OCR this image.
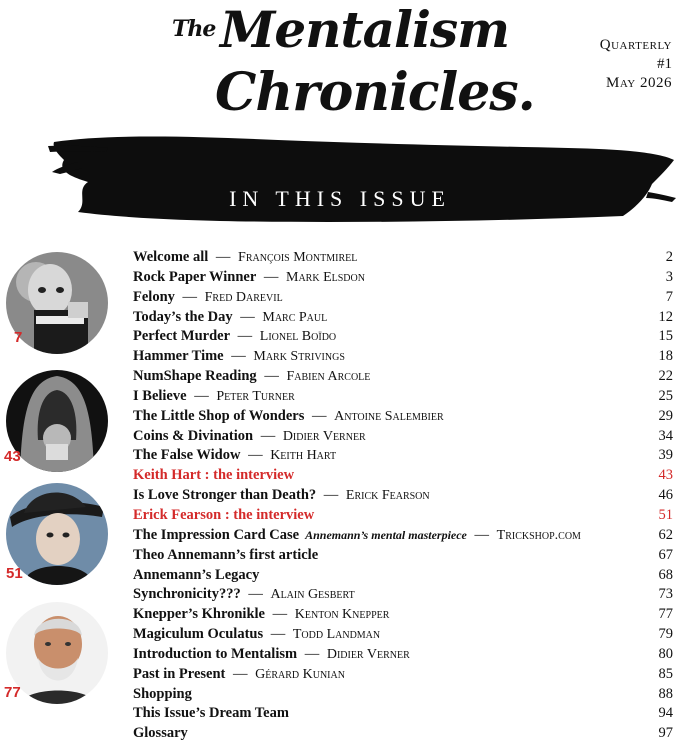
The Mentalism
Chronicles.
Quarterly
#1
May 2026
IN THIS ISSUE
7
43
51
77
Welcome all — François Montmirel	2
Rock Paper Winner — Mark Elsdon	3
Felony — Fred Darevil	7
Today’s the Day — Marc Paul	12
Perfect Murder — Lionel Boïdo	15
Hammer Time — Mark Strivings	18
NumShape Reading — Fabien Arcole	22
I Believe — Peter Turner	25
The Little Shop of Wonders — Antoine Salembier	29
Coins & Divination — Didier Verner	34
The False Widow — Keith Hart	39
Keith Hart : the interview	43
Is Love Stronger than Death? — Erick Fearson	46
Erick Fearson : the interview	51
The Impression Card Case Annemann’s mental masterpiece — Trickshop.com	62
Theo Annemann’s first article	67
Annemann’s Legacy	68
Synchronicity??? — Alain Gesbert	73
Knepper’s Khronikle — Kenton Knepper	77
Magiculum Oculatus — Todd Landman	79
Introduction to Mentalism — Didier Verner	80
Past in Present — Gérard Kunian	85
Shopping	88
This Issue’s Dream Team	94
Glossary	97
